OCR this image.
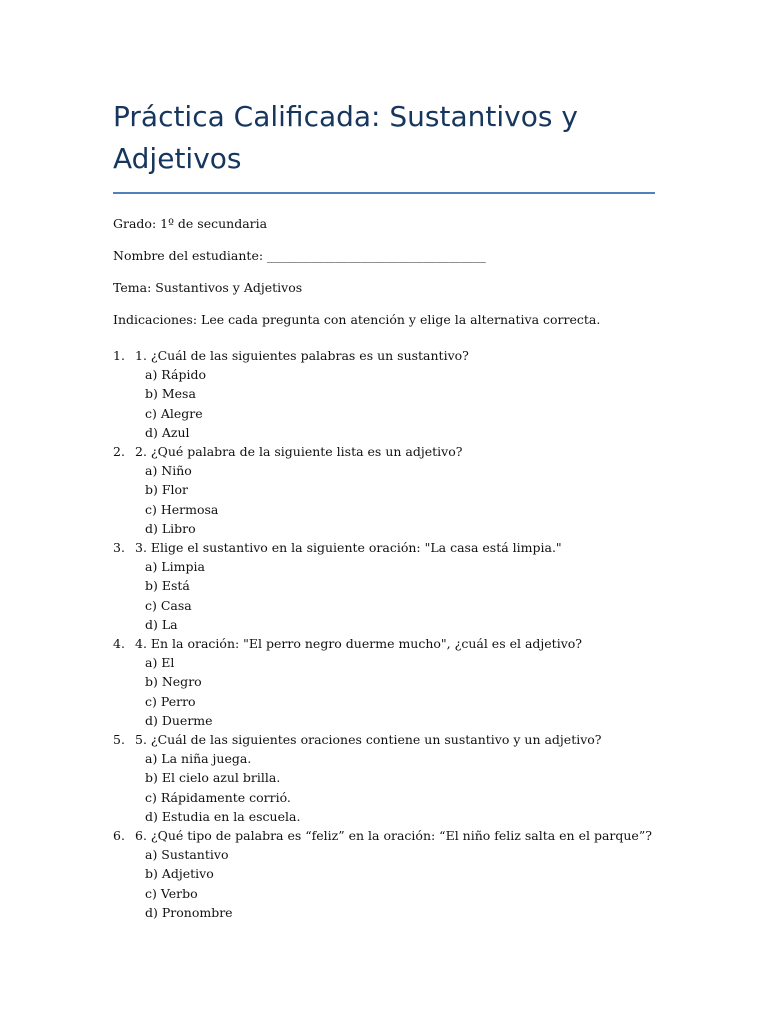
Práctica Calificada: Sustantivos y Adjetivos

Grado: 1º de secundaria

Nombre del estudiante: ___________________________________

Tema: Sustantivos y Adjetivos

Indicaciones: Lee cada pregunta con atención y elige la alternativa correcta.

1. 1. ¿Cuál de las siguientes palabras es un sustantivo?
a) Rápido
b) Mesa
c) Alegre
d) Azul
2. 2. ¿Qué palabra de la siguiente lista es un adjetivo?
a) Niño
b) Flor
c) Hermosa
d) Libro
3. 3. Elige el sustantivo en la siguiente oración: "La casa está limpia."
a) Limpia
b) Está
c) Casa
d) La
4. 4. En la oración: "El perro negro duerme mucho", ¿cuál es el adjetivo?
a) El
b) Negro
c) Perro
d) Duerme
5. 5. ¿Cuál de las siguientes oraciones contiene un sustantivo y un adjetivo?
a) La niña juega.
b) El cielo azul brilla.
c) Rápidamente corrió.
d) Estudia en la escuela.
6. 6. ¿Qué tipo de palabra es “feliz” en la oración: “El niño feliz salta en el parque”?
a) Sustantivo
b) Adjetivo
c) Verbo
d) Pronombre
